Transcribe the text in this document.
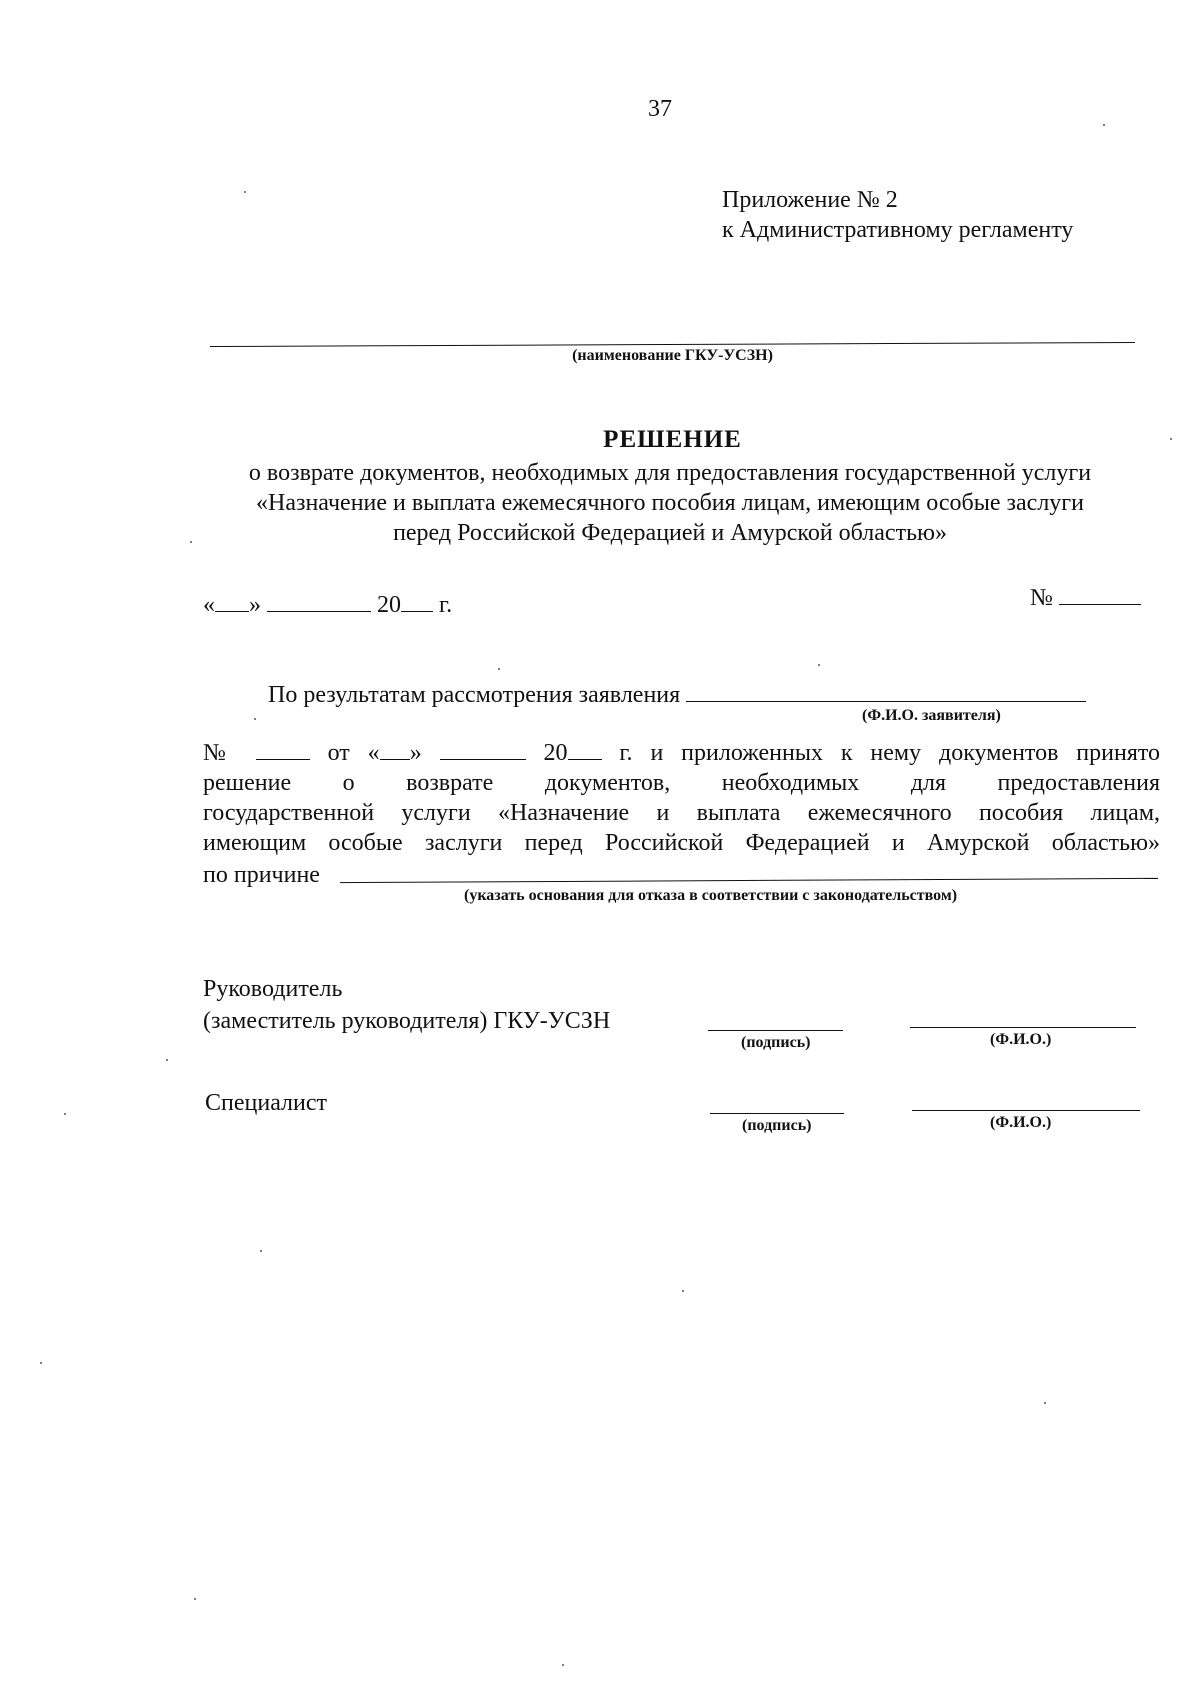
37
Приложение № 2
к Административному регламенту
(наименование ГКУ-УСЗН)
РЕШЕНИЕ
о возврате документов, необходимых для предоставления государственной услуги
«Назначение и выплата ежемесячного пособия лицам, имеющим особые заслуги
перед Российской Федерацией и Амурской областью»
« »	20 г.	№
По результатам рассмотрения заявления
(Ф.И.О. заявителя)
№	от « »	20 г. и приложенных к нему документов принято
решение о возврате документов, необходимых для предоставления
государственной услуги «Назначение и выплата ежемесячного пособия лицам,
имеющим особые заслуги перед Российской Федерацией и Амурской областью»
по причине
(указать основания для отказа в соответствии с законодательством)
Руководитель
(заместитель руководителя) ГКУ-УСЗН
(подпись)	(Ф.И.О.)
Специалист
(подпись)	(Ф.И.О.)
